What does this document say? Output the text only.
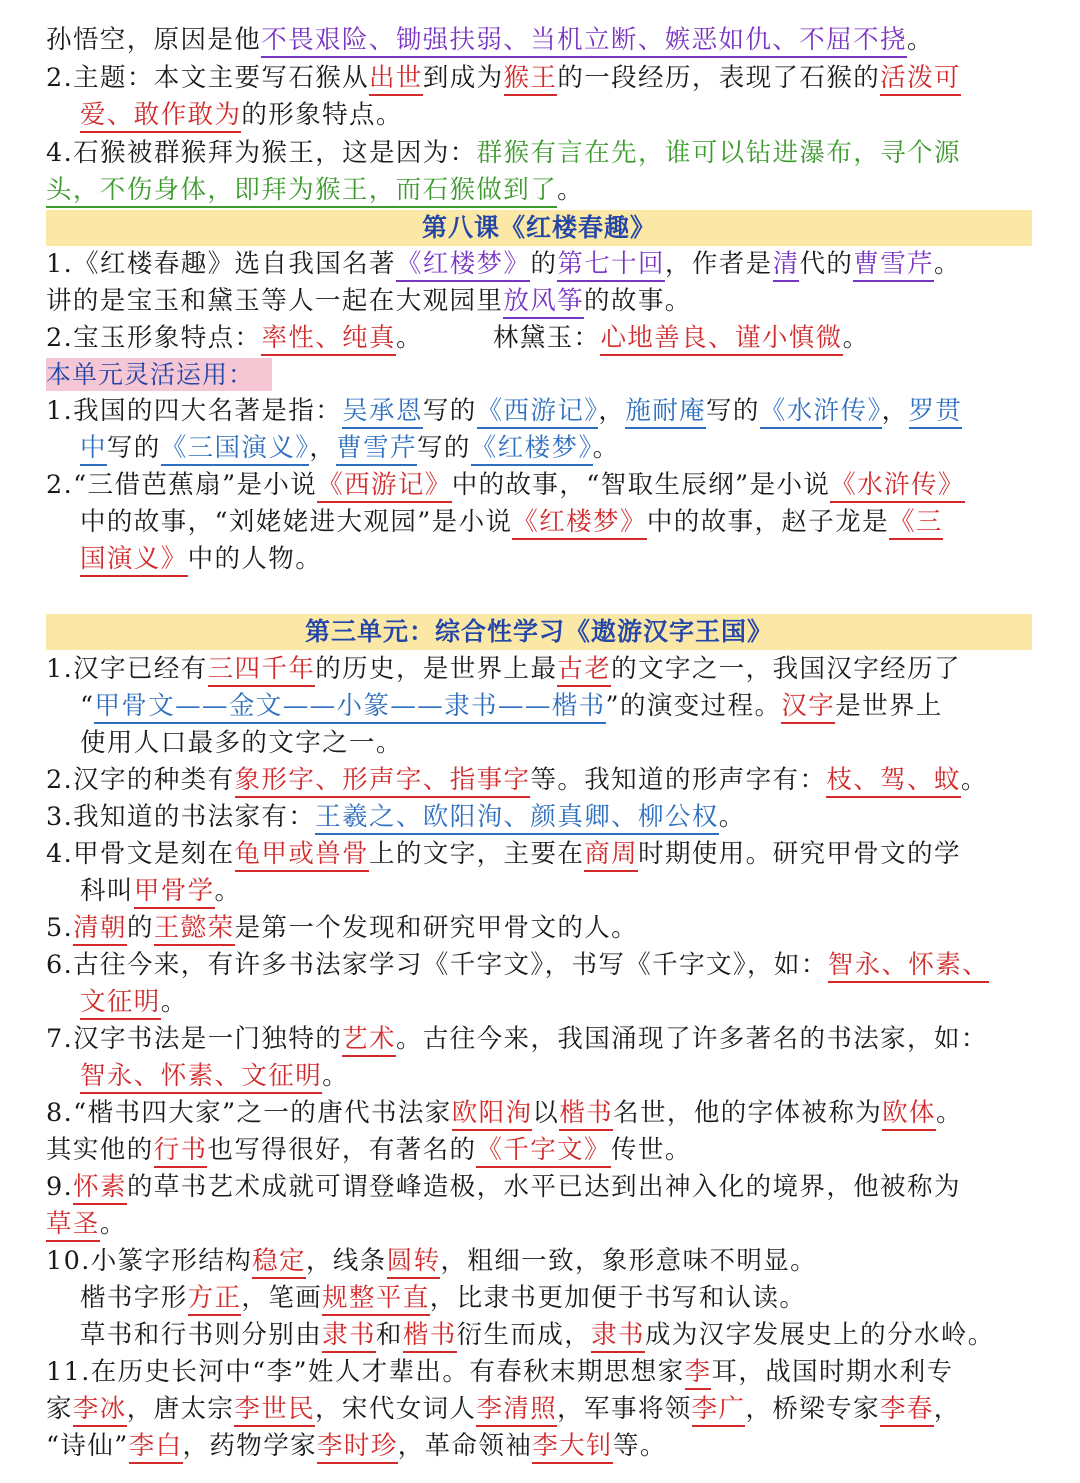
孙悟空，原因是他不畏艰险、锄强扶弱、当机立断、嫉恶如仇、不屈不挠。
2.主题：本文主要写石猴从出世到成为猴王的一段经历，表现了石猴的活泼可
爱、敢作敢为的形象特点。
4.石猴被群猴拜为猴王，这是因为：群猴有言在先，谁可以钻进瀑布，寻个源
头，不伤身体，即拜为猴王，而石猴做到了。
第八课《红楼春趣》
1.《红楼春趣》选自我国名著《红楼梦》的第七十回，作者是清代的曹雪芹。
讲的是宝玉和黛玉等人一起在大观园里放风筝的故事。
2.宝玉形象特点：率性、纯真。	林黛玉：心地善良、谨小慎微。
本单元灵活运用：
1.我国的四大名著是指：吴承恩写的《西游记》，施耐庵写的《水浒传》，罗贯
中写的《三国演义》，曹雪芹写的《红楼梦》。
2.“三借芭蕉扇”是小说《西游记》中的故事，“智取生辰纲”是小说《水浒传》
中的故事，“刘姥姥进大观园”是小说《红楼梦》中的故事，赵子龙是《三
国演义》中的人物。
第三单元：综合性学习《遨游汉字王国》
1.汉字已经有三四千年的历史，是世界上最古老的文字之一，我国汉字经历了
“甲骨文——金文——小篆——隶书——楷书”的演变过程。汉字是世界上
使用人口最多的文字之一。
2.汉字的种类有象形字、形声字、指事字等。我知道的形声字有：枝、驾、蚊。
3.我知道的书法家有：王羲之、欧阳洵、颜真卿、柳公权。
4.甲骨文是刻在龟甲或兽骨上的文字，主要在商周时期使用。研究甲骨文的学
科叫甲骨学。
5.清朝的王懿荣是第一个发现和研究甲骨文的人。
6.古往今来，有许多书法家学习《千字文》，书写《千字文》，如：智永、怀素、
文征明。
7.汉字书法是一门独特的艺术。古往今来，我国涌现了许多著名的书法家，如：
智永、怀素、文征明。
8.“楷书四大家”之一的唐代书法家欧阳洵以楷书名世，他的字体被称为欧体。
其实他的行书也写得很好，有著名的《千字文》传世。
9.怀素的草书艺术成就可谓登峰造极，水平已达到出神入化的境界，他被称为
草圣。
10.小篆字形结构稳定，线条圆转，粗细一致，象形意味不明显。
楷书字形方正，笔画规整平直，比隶书更加便于书写和认读。
草书和行书则分别由隶书和楷书衍生而成，隶书成为汉字发展史上的分水岭。
11.在历史长河中“李”姓人才辈出。有春秋末期思想家李耳，战国时期水利专
家李冰，唐太宗李世民，宋代女词人李清照，军事将领李广，桥梁专家李春，
“诗仙”李白，药物学家李时珍，革命领袖李大钊等。
